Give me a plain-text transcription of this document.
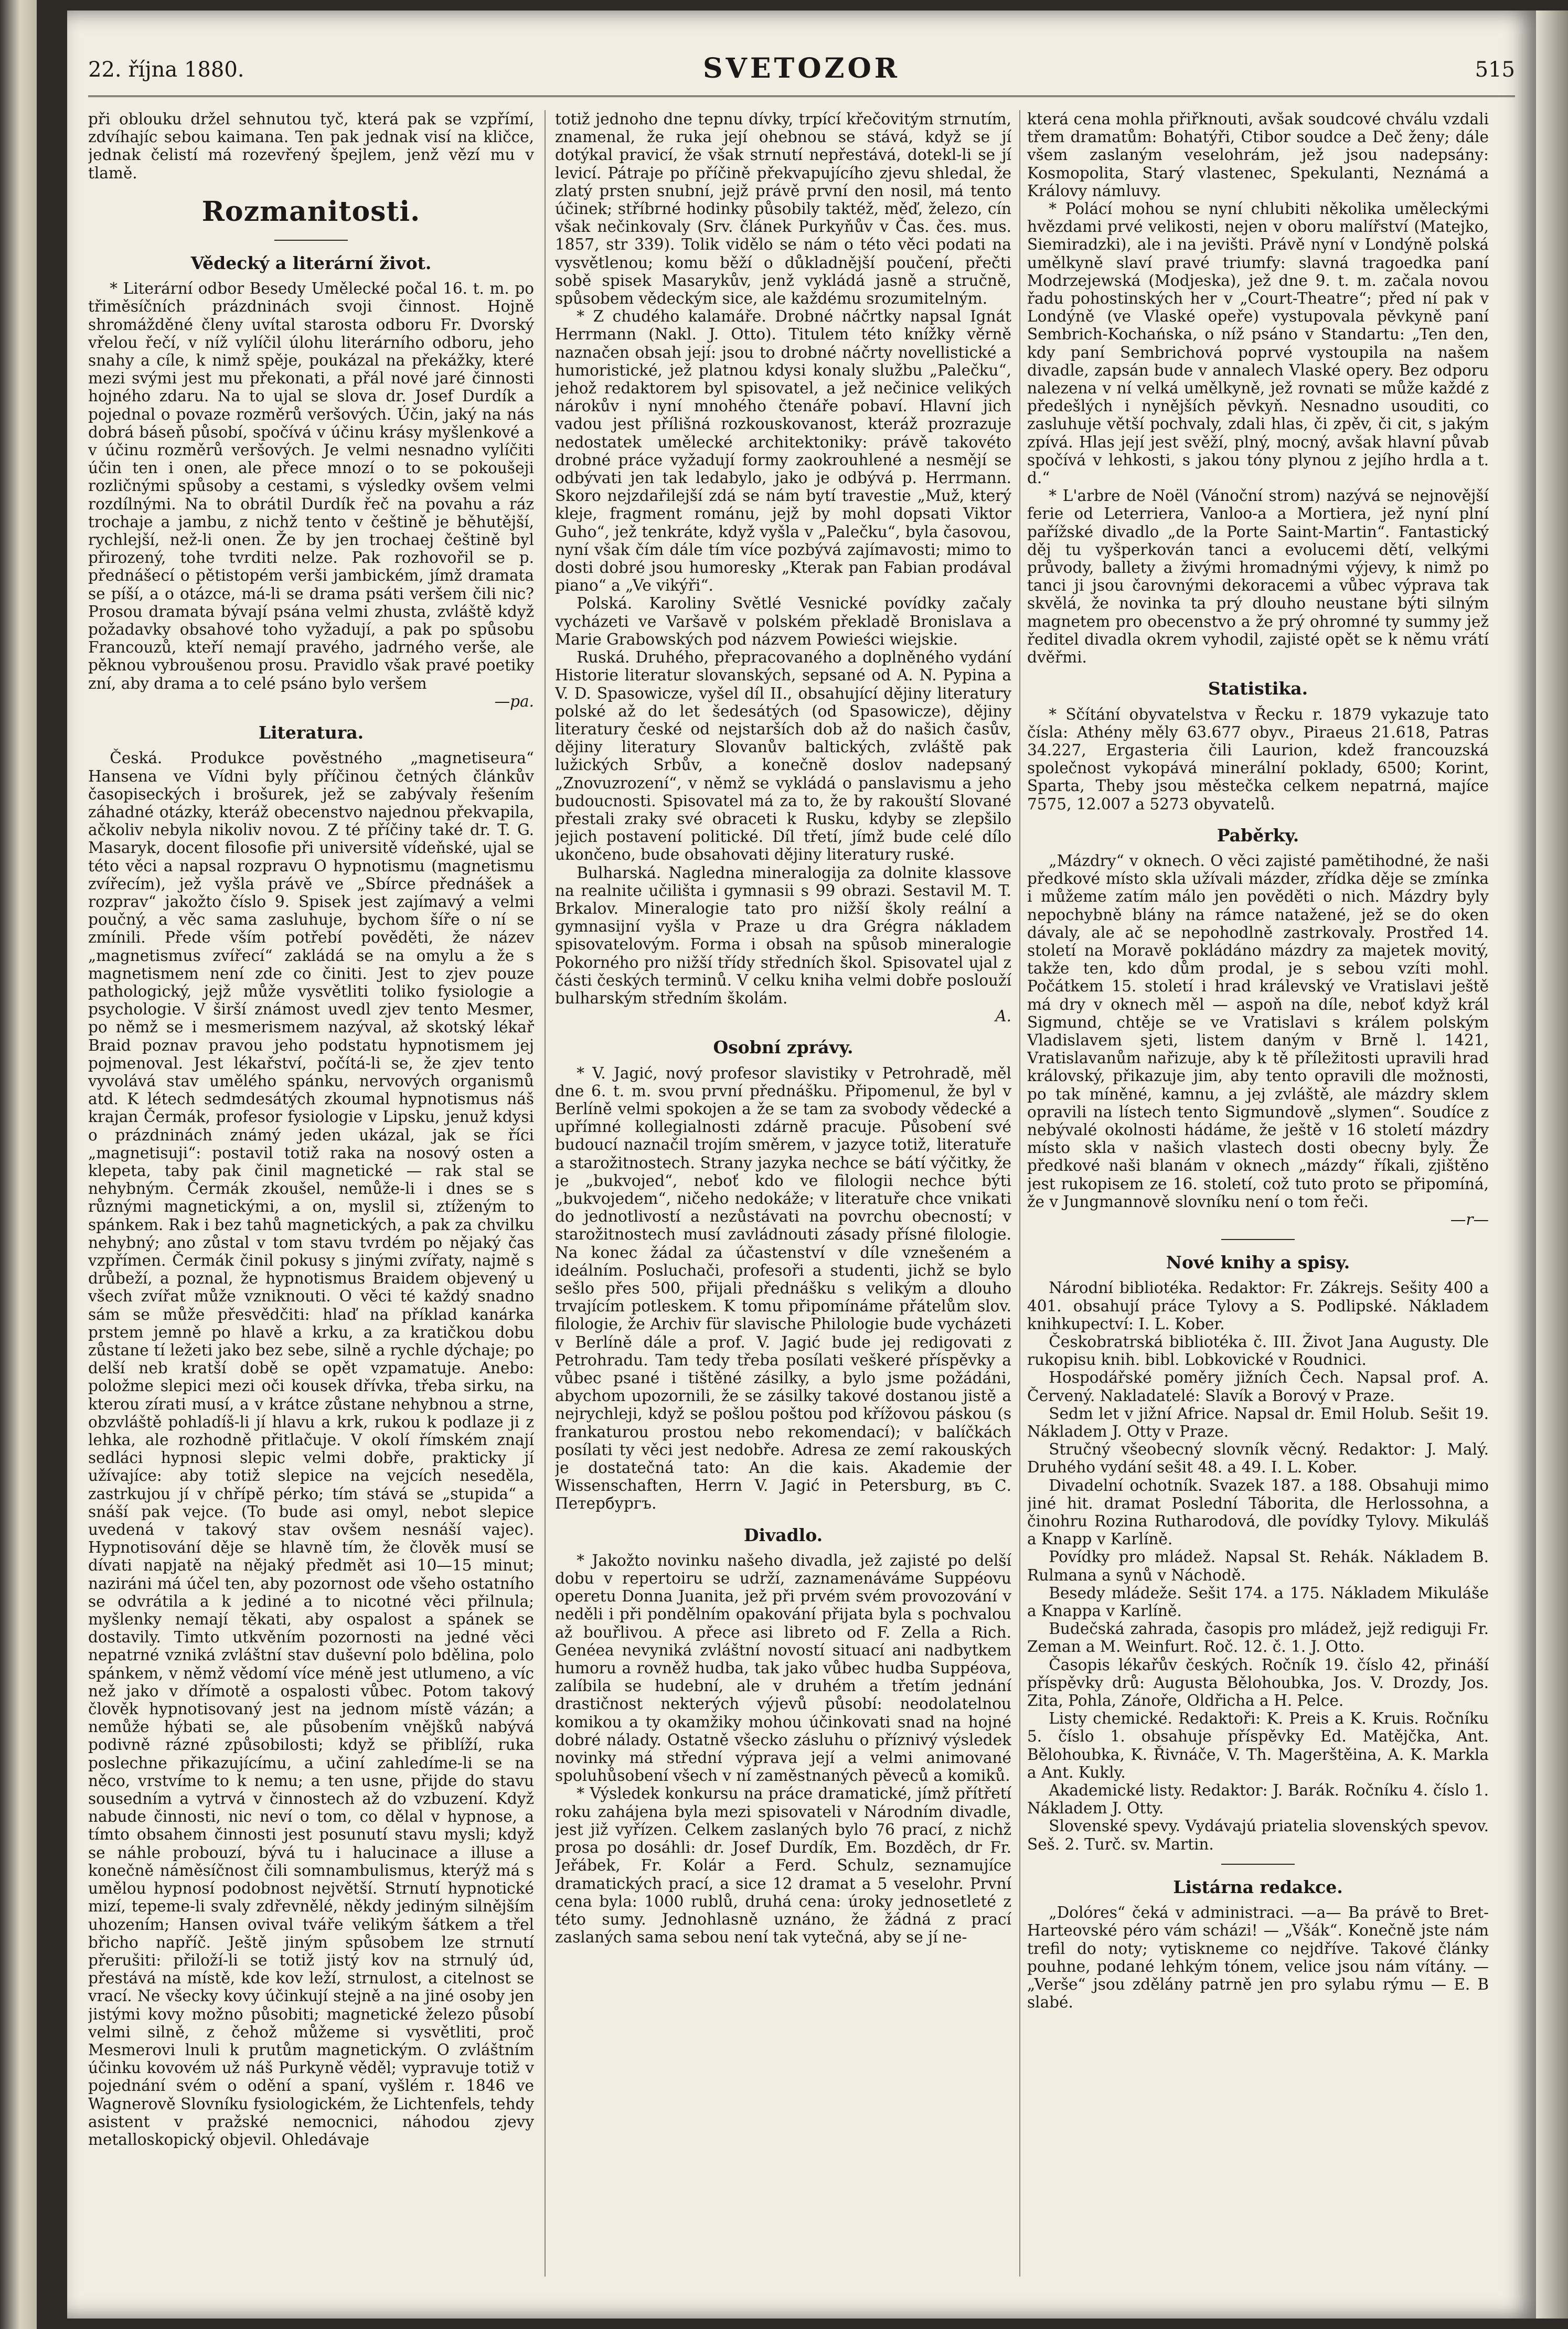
22. října 1880.	SVETOZOR	515

při oblouku držel sehnutou tyč, která pak se vzpřímí, zdvíhajíc sebou kaimana. Ten pak jednak visí na kličce, jednak čelistí má rozevřený špejlem, jenž vězí mu v tlamě.

Rozmanitosti.
Vědecký a literární život.

* Literární odbor Besedy Umělecké počal 16. t. m. po třiměsíčních prázdninách svoji činnost. Hojně shromážděné členy uvítal starosta odboru Fr. Dvorský vřelou řečí, v níž vylíčil úlohu literárního odboru, jeho snahy a cíle, k nimž spěje, poukázal na překážky, které mezi svými jest mu překonati, a přál nové jaré činnosti hojného zdaru. Na to ujal se slova dr. Josef Durdík a pojednal o povaze rozměrů veršových. Účin, jaký na nás dobrá báseň působí, spočívá v účinu krásy myšlenkové a v účinu rozměrů veršových. Je velmi nesnadno vylíčiti účin ten i onen, ale přece mnozí o to se pokoušeji rozličnými spůsoby a cestami, s výsledky ovšem velmi rozdílnými. Na to obrátil Durdík řeč na povahu a ráz trochaje a jambu, z nichž tento v češtině je běhutější, rychlejší, než-li onen. Že by jen trochaej češtině byl přirozený, tohe tvrditi nelze. Pak rozhovořil se p. přednášecí o pětistopém verši jambickém, jímž dramata se píší, a o otázce, má-li se drama psáti veršem čili nic? Prosou dramata bývají psána velmi zhusta, zvláště když požadavky obsahové toho vyžadují, a pak po spůsobu Francouzů, kteří nemají pravého, jadrného verše, ale pěknou vybroušenou prosu. Pravidlo však pravé poetiky zní, aby drama a to celé psáno bylo veršem

—pa.
Literatura.

Česká. Produkce pověstného „magnetiseura“ Hansena ve Vídni byly příčinou četných článkův časopiseckých i brošurek, jež se zabývaly řešením záhadné otázky, kteráž obecenstvo najednou překvapila, ačkoliv nebyla nikoliv novou. Z té příčiny také dr. T. G. Masaryk, docent filosofie při universitě vídeňské, ujal se této věci a napsal rozpravu O hypnotismu (magnetismu zvířecím), jež vyšla právě ve „Sbírce přednášek a rozprav“ jakožto číslo 9. Spisek jest zajímavý a velmi poučný, a věc sama zasluhuje, bychom šíře o ní se zmínili. Přede vším potřebí pověděti, že název „magnetismus zvířecí“ zakládá se na omylu a že s magnetismem není zde co činiti. Jest to zjev pouze pathologický, jejž může vysvětliti toliko fysiologie a psychologie. V širší známost uvedl zjev tento Mesmer, po němž se i mesmerismem nazýval, až skotský lékař Braid poznav pravou jeho podstatu hypnotismem jej pojmenoval. Jest lékařství, počítá-li se, že zjev tento vyvolává stav umělého spánku, nervových organismů atd. K létech sedmdesátých zkoumal hypnotismus náš krajan Čermák, profesor fysiologie v Lipsku, jenuž kdysi o prázdninách známý jeden ukázal, jak se říci „magnetisuji“: postavil totiž raka na nosový osten a klepeta, taby pak činil magnetické — rak stal se nehybným. Čermák zkoušel, nemůže-li i dnes se s různými magnetickými, a on, myslil si, ztíženým to spánkem. Rak i bez tahů magnetických, a pak za chvilku nehybný; ano zůstal v tom stavu tvrdém po nějaký čas vzpřímen. Čermák činil pokusy s jinými zvířaty, najmě s drůbeží, a poznal, že hypnotismus Braidem objevený u všech zvířat může vzniknouti. O věci té každý snadno sám se může přesvědčiti: hlaď na příklad kanárka prstem jemně po hlavě a krku, a za kratičkou dobu zůstane tí ležeti jako bez sebe, silně a rychle dýchaje; po delší neb kratší době se opět vzpamatuje. Anebo: položme slepici mezi oči kousek dřívka, třeba sirku, na kterou zírati musí, a v krátce zůstane nehybnou a strne, obzvláště pohladíš-li jí hlavu a krk, rukou k podlaze ji z lehka, ale rozhodně přitlačuje. V okolí římském znají sedláci hypnosi slepic velmi dobře, prakticky jí užívajíce: aby totiž slepice na vejcích neseděla, zastrkujou jí v chřípě pérko; tím stává se „stupida“ a snáší pak vejce. (To bude asi omyl, nebot slepice uvedená v takový stav ovšem nesnáší vajec). Hypnotisování děje se hlavně tím, že člověk musí se dívati napjatě na nějaký předmět asi 10—15 minut; naziráni má účel ten, aby pozornost ode všeho ostatního se odvrátila a k jediné a to nicotné věci přilnula; myšlenky nemají těkati, aby ospalost a spánek se dostavily. Timto utkvěním pozornosti na jedné věci nepatrné vzniká zvláštní stav duševní polo bdělina, polo spánkem, v němž vědomí více méně jest utlumeno, a víc než jako v dřímotě a ospalosti vůbec. Potom takový člověk hypnotisovaný jest na jednom místě vázán; a nemůže hýbati se, ale působením vnějšků nabývá podivně rázné způsobilosti; když se přiblíží, ruka poslechne přikazujícímu, a učiní zahledíme-li se na něco, vrstvíme to k nemu; a ten usne, přijde do stavu sousedním a vytrvá v činnostech až do vzbuzení. Když nabude činnosti, nic neví o tom, co dělal v hypnose, a tímto obsahem činnosti jest posunutí stavu mysli; když se náhle probouzí, bývá tu i halucinace a illuse a konečně náměsíčnost čili somnambulismus, kterýž má s umělou hypnosí podobnost největší. Strnutí hypnotické mizí, tepeme-li svaly zdřevnělé, někdy jediným silnějším uhozením; Hansen ovival tváře velikým šátkem a třel břicho napříč. Ještě jiným spůsobem lze strnutí přerušiti: přiloží-li se totiž jistý kov na strnulý úd, přestává na místě, kde kov leží, strnulost, a citelnost se vrací. Ne všecky kovy účinkují stejně a na jiné osoby jen jistými kovy možno působiti; magnetické železo působí velmi silně, z čehož můžeme si vysvětliti, proč Mesmerovi lnuli k prutům magnetickým. O zvláštním účinku kovovém už náš Purkyně věděl; vypravuje totiž v pojednání svém o odění a spaní, vyšlém r. 1846 ve Wagnerově Slovníku fysiologickém, že Lichtenfels, tehdy asistent v pražské nemocnici, náhodou zjevy metalloskopický objevil. Ohledávaje

totiž jednoho dne tepnu dívky, trpící křečovitým strnutím, znamenal, že ruka její ohebnou se stává, když se jí dotýkal pravicí, že však strnutí nepřestává, dotekl-li se jí levicí. Pátraje po příčině překvapujícího zjevu shledal, že zlatý prsten snubní, jejž právě první den nosil, má tento účinek; stříbrné hodinky působily taktéž, měď, železo, cín však nečinkovaly (Srv. článek Purkyňův v Čas. čes. mus. 1857, str 339). Tolik vidělo se nám o této věci podati na vysvětlenou; komu běží o důkladnější poučení, přečti sobě spisek Masarykův, jenž vykládá jasně a stručně, spůsobem vědeckým sice, ale každému srozumitelným.

* Z chudého kalamáře. Drobné náčrtky napsal Ignát Herrmann (Nakl. J. Otto). Titulem této knížky věrně naznačen obsah její: jsou to drobné náčrty novellistické a humoristické, jež platnou kdysi konaly službu „Palečku“, jehož redaktorem byl spisovatel, a jež nečinice velikých nárokův i nyní mnohého čtenáře pobaví. Hlavní jich vadou jest přílišná rozkouskovanost, kteráž prozrazuje nedostatek umělecké architektoniky: právě takovéto drobné práce vyžadují formy zaokrouhlené a nesmějí se odbývati jen tak ledabylo, jako je odbývá p. Herrmann. Skoro nejzdařilejší zdá se nám bytí travestie „Muž, který kleje, fragment románu, jejž by mohl dopsati Viktor Guho“, jež tenkráte, když vyšla v „Palečku“, byla časovou, nyní však čím dále tím více pozbývá zajímavosti; mimo to dosti dobré jsou humoresky „Kterak pan Fabian prodával piano“ a „Ve vikýři“.

Polská. Karoliny Světlé Vesnické povídky začaly vycházeti ve Varšavě v polském překladě Bronislava a Marie Grabowských pod názvem Powieści wiejskie.

Ruská. Druhého, přepracovaného a doplněného vydání Historie literatur slovanských, sepsané od A. N. Pypina a V. D. Spasowicze, vyšel díl II., obsahující dějiny literatury polské až do let šedesátých (od Spasowicze), dějiny literatury české od nejstarších dob až do našich časův, dějiny literatury Slovanův baltických, zvláště pak lužických Srbův, a konečně doslov nadepsaný „Znovuzrození“, v němž se vykládá o panslavismu a jeho budoucnosti. Spisovatel má za to, že by rakouští Slované přestali zraky své obraceti k Rusku, kdyby se zlepšilo jejich postavení politické. Díl třetí, jímž bude celé dílo ukončeno, bude obsahovati dějiny literatury ruské.

Bulharská. Nagledna mineralogija za dolnite klassove na realnite učilišta i gymnasii s 99 obrazi. Sestavil M. T. Brkalov. Mineralogie tato pro nižší školy reální a gymnasijní vyšla v Praze u dra Grégra nákladem spisovatelovým. Forma i obsah na spůsob mineralogie Pokorného pro nižší třídy středních škol. Spisovatel ujal z části českých terminů. V celku kniha velmi dobře poslouží bulharským středním školám.

A.
Osobní zprávy.

* V. Jagić, nový profesor slavistiky v Petrohradě, měl dne 6. t. m. svou první přednášku. Připomenul, že byl v Berlíně velmi spokojen a že se tam za svobody vědecké a upřímné kollegialnosti zdárně pracuje. Působení své budoucí naznačil trojím směrem, v jazyce totiž, literatuře a starožitnostech. Strany jazyka nechce se bátí výčitky, že je „bukvojed“, neboť kdo ve filologii nechce býti „bukvojedem“, ničeho nedokáže; v literatuře chce vnikati do jednotlivostí a nezůstávati na povrchu obecností; v starožitnostech musí zavládnouti zásady přísné filologie. Na konec žádal za účastenství v díle vznešeném a ideálním. Posluchači, profesoři a studenti, jichž se bylo sešlo přes 500, přijali přednášku s velikým a dlouho trvajícím potleskem. K tomu připomínáme přátelům slov. filologie, že Archiv für slavische Philologie bude vycházeti v Berlíně dále a prof. V. Jagić bude jej redigovati z Petrohradu. Tam tedy třeba posílati veškeré příspěvky a vůbec psané i tištěné zásilky, a bylo jsme požádáni, abychom upozornili, že se zásilky takové dostanou jistě a nejrychleji, když se pošlou poštou pod křížovou páskou (s frankaturou prostou nebo rekomendací); v balíčkách posílati ty věci jest nedobře. Adresa ze zemí rakouských je dostatečná tato: An die kais. Akademie der Wissenschaften, Herrn V. Jagić in Petersburg, въ С. Петербургъ.

Divadlo.

* Jakožto novinku našeho divadla, jež zajisté po delší dobu v repertoiru se udrží, zaznamenáváme Suppéovu operetu Donna Juanita, jež při prvém svém provozování v neděli i při pondělním opakování přijata byla s pochvalou až bouřlivou. A přece asi libreto od F. Zella a Rich. Genéea nevyniká zvláštní novostí situací ani nadbytkem humoru a rovněž hudba, tak jako vůbec hudba Suppéova, zalíbila se hudební, ale v druhém a třetím jednání drastičnost nekterých výjevů působí: neodolatelnou komikou a ty okamžiky mohou účinkovati snad na hojné dobré nálady. Ostatně všecko zásluhu o příznivý výsledek novinky má střední výprava její a velmi animované spoluhůsobení všech v ní zaměstnaných pěveců a komiků.

* Výsledek konkursu na práce dramatické, jímž přítřetí roku zahájena byla mezi spisovateli v Národním divadle, jest již vyřízen. Celkem zaslaných bylo 76 prací, z nichž prosa po dosáhli: dr. Josef Durdík, Em. Bozděch, dr Fr. Jeřábek, Fr. Kolár a Ferd. Schulz, seznamujíce dramatických prací, a sice 12 dramat a 5 veselohr. První cena byla: 1000 rublů, druhá cena: úroky jednosetleté z této sumy. Jednohlasně uznáno, že žádná z prací zaslaných sama sebou není tak vytečná, aby se jí ne-

která cena mohla přiřknouti, avšak soudcové chválu vzdali třem dramatům: Bohatýři, Ctibor soudce a Deč ženy; dále všem zaslaným veselohrám, jež jsou nadepsány: Kosmopolita, Starý vlastenec, Spekulanti, Neznámá a Královy námluvy.

* Polácí mohou se nyní chlubiti několika uměleckými hvězdami prvé velikosti, nejen v oboru malířství (Matejko, Siemiradzki), ale i na jevišti. Právě nyní v Londýně polská umělkyně slaví pravé triumfy: slavná tragoedka paní Modrzejewská (Modjeska), jež dne 9. t. m. začala novou řadu pohostinských her v „Court-Theatre“; před ní pak v Londýně (ve Vlaské opeře) vystupovala pěvkyně paní Sembrich-Kochańska, o níž psáno v Standartu: „Ten den, kdy paní Sembrichová poprvé vystoupila na našem divadle, zapsán bude v annalech Vlaské opery. Bez odporu nalezena v ní velká umělkyně, jež rovnati se může každé z předešlých i nynějších pěvkyň. Nesnadno usouditi, co zasluhuje větší pochvaly, zdali hlas, či zpěv, či cit, s jakým zpívá. Hlas její jest svěží, plný, mocný, avšak hlavní půvab spočívá v lehkosti, s jakou tóny plynou z jejího hrdla a t. d.“

* L'arbre de Noël (Vánoční strom) nazývá se nejnovější ferie od Leterriera, Vanloo-a a Mortiera, jež nyní plní pařížské divadlo „de la Porte Saint-Martin“. Fantastický děj tu vyšperkován tanci a evolucemi dětí, velkými průvody, ballety a živými hromadnými výjevy, k nimž po tanci ji jsou čarovnými dekoracemi a vůbec výprava tak skvělá, že novinka ta prý dlouho neustane býti silným magnetem pro obecenstvo a že prý ohromné ty summy jež ředitel divadla okrem vyhodil, zajisté opět se k němu vrátí dvěřmi.

Statistika.

* Sčítání obyvatelstva v Řecku r. 1879 vykazuje tato čísla: Athény měly 63.677 obyv., Piraeus 21.618, Patras 34.227, Ergasteria čili Laurion, kdež francouzská společnost vykopává minerální poklady, 6500; Korint, Sparta, Theby jsou městečka celkem nepatrná, majíce 7575, 12.007 a 5273 obyvatelů.

Paběrky.

„Mázdry“ v oknech. O věci zajisté pamětihodné, že naši předkové místo skla užívali mázder, zřídka děje se zmínka i můžeme zatím málo jen pověděti o nich. Mázdry byly nepochybně blány na rámce natažené, jež se do oken dávaly, ale ač se nepohodlně zastrkovaly. Prostřed 14. století na Moravě pokládáno mázdry za majetek movitý, takže ten, kdo dům prodal, je s sebou vzíti mohl. Počátkem 15. století i hrad králevský ve Vratislavi ještě má dry v oknech měl — aspoň na díle, neboť když král Sigmund, chtěje se ve Vratislavi s králem polským Vladislavem sjeti, listem daným v Brně l. 1421, Vratislavanům nařizuje, aby k tě příležitosti upravili hrad královský, přikazuje jim, aby tento opravili dle možnosti, po tak míněné, kamnu, a jej zvláště, ale mázdry sklem opravili na lístech tento Sigmundově „slymen“. Soudíce z nebývalé okolnosti hádáme, že ještě v 16 století mázdry místo skla v našich vlastech dosti obecny byly. Že předkové naši blanám v oknech „mázdy“ říkali, zjištěno jest rukopisem ze 16. století, což tuto proto se připomíná, že v Jungmannově slovníku není o tom řeči.

—r—
Nové knihy a spisy.

Národní bibliotéka. Redaktor: Fr. Zákrejs. Sešity 400 a 401. obsahují práce Tylovy a S. Podlipské. Nákladem knihkupectví: I. L. Kober.

Českobratrská bibliotéka č. III. Život Jana Augusty. Dle rukopisu knih. bibl. Lobkovické v Roudnici.

Hospodářské poměry jižních Čech. Napsal prof. A. Červený. Nakladatelé: Slavík a Borový v Praze.

Sedm let v jižní Africe. Napsal dr. Emil Holub. Sešit 19. Nákladem J. Otty v Praze.

Stručný všeobecný slovník věcný. Redaktor: J. Malý. Druhého vydání sešit 48. a 49. I. L. Kober.

Divadelní ochotník. Svazek 187. a 188. Obsahuji mimo jiné hit. dramat Poslední Táborita, dle Herlossohna, a činohru Rozina Rutharodová, dle povídky Tylovy. Mikuláš a Knapp v Karlíně.

Povídky pro mládež. Napsal St. Rehák. Nákladem B. Rulmana a synů v Náchodě.

Besedy mládeže. Sešit 174. a 175. Nákladem Mikuláše a Knappa v Karlíně.

Budečská zahrada, časopis pro mládež, jejž rediguji Fr. Zeman a M. Weinfurt. Roč. 12. č. 1. J. Otto.

Časopis lékařův českých. Ročník 19. číslo 42, přináší příspěvky drů: Augusta Bělohoubka, Jos. V. Drozdy, Jos. Zita, Pohla, Zánoře, Oldřicha a H. Pelce.

Listy chemické. Redaktoři: K. Preis a K. Kruis. Ročníku 5. číslo 1. obsahuje příspěvky Ed. Matějčka, Ant. Bělohoubka, K. Řivnáče, V. Th. Magerštěina, A. K. Markla a Ant. Kukly.

Akademické listy. Redaktor: J. Barák. Ročníku 4. číslo 1. Nákladem J. Otty.

Slovenské spevy. Vydávajú priatelia slovenských spevov. Seš. 2. Turč. sv. Martin.

Listárna redakce.

„Dolóres“ čeká v administraci. —a— Ba právě to Bret-Harteovské péro vám scházi! — „Všák“. Konečně jste nám trefil do noty; vytiskneme co nejdříve. Takové články pouhne, podané lehkým tónem, velice jsou nám vítány. — „Verše“ jsou zdělány patrně jen pro sylabu rýmu — E. B slabé.
